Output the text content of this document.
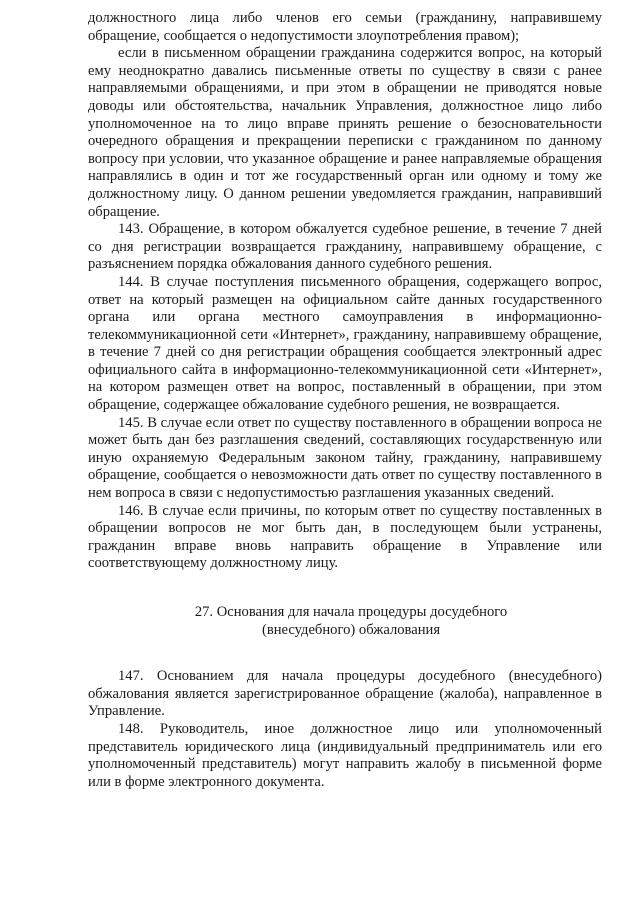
должностного лица либо членов его семьи (гражданину, направившему обращение, сообщается о недопустимости злоупотребления правом);

если в письменном обращении гражданина содержится вопрос, на который ему неоднократно давались письменные ответы по существу в связи с ранее направляемыми обращениями, и при этом в обращении не приводятся новые доводы или обстоятельства, начальник Управления, должностное лицо либо уполномоченное на то лицо вправе принять решение о безосновательности очередного обращения и прекращении переписки с гражданином по данному вопросу при условии, что указанное обращение и ранее направляемые обращения направлялись в один и тот же государственный орган или одному и тому же должностному лицу. О данном решении уведомляется гражданин, направивший обращение.

143. Обращение, в котором обжалуется судебное решение, в течение 7 дней со дня регистрации возвращается гражданину, направившему обращение, с разъяснением порядка обжалования данного судебного решения.

144. В случае поступления письменного обращения, содержащего вопрос, ответ на который размещен на официальном сайте данных государственного органа или органа местного самоуправления в информационно-телекоммуникационной сети «Интернет», гражданину, направившему обращение, в течение 7 дней со дня регистрации обращения сообщается электронный адрес официального сайта в информационно-телекоммуникационной сети «Интернет», на котором размещен ответ на вопрос, поставленный в обращении, при этом обращение, содержащее обжалование судебного решения, не возвращается.

145. В случае если ответ по существу поставленного в обращении вопроса не может быть дан без разглашения сведений, составляющих государственную или иную охраняемую Федеральным законом тайну, гражданину, направившему обращение, сообщается о невозможности дать ответ по существу поставленного в нем вопроса в связи с недопустимостью разглашения указанных сведений.

146. В случае если причины, по которым ответ по существу поставленных в обращении вопросов не мог быть дан, в последующем были устранены, гражданин вправе вновь направить обращение в Управление или соответствующему должностному лицу.

27. Основания для начала процедуры досудебного
(внесудебного) обжалования

147. Основанием для начала процедуры досудебного (внесудебного) обжалования является зарегистрированное обращение (жалоба), направленное в Управление.

148. Руководитель, иное должностное лицо или уполномоченный представитель юридического лица (индивидуальный предприниматель или его уполномоченный представитель) могут направить жалобу в письменной форме или в форме электронного документа.
